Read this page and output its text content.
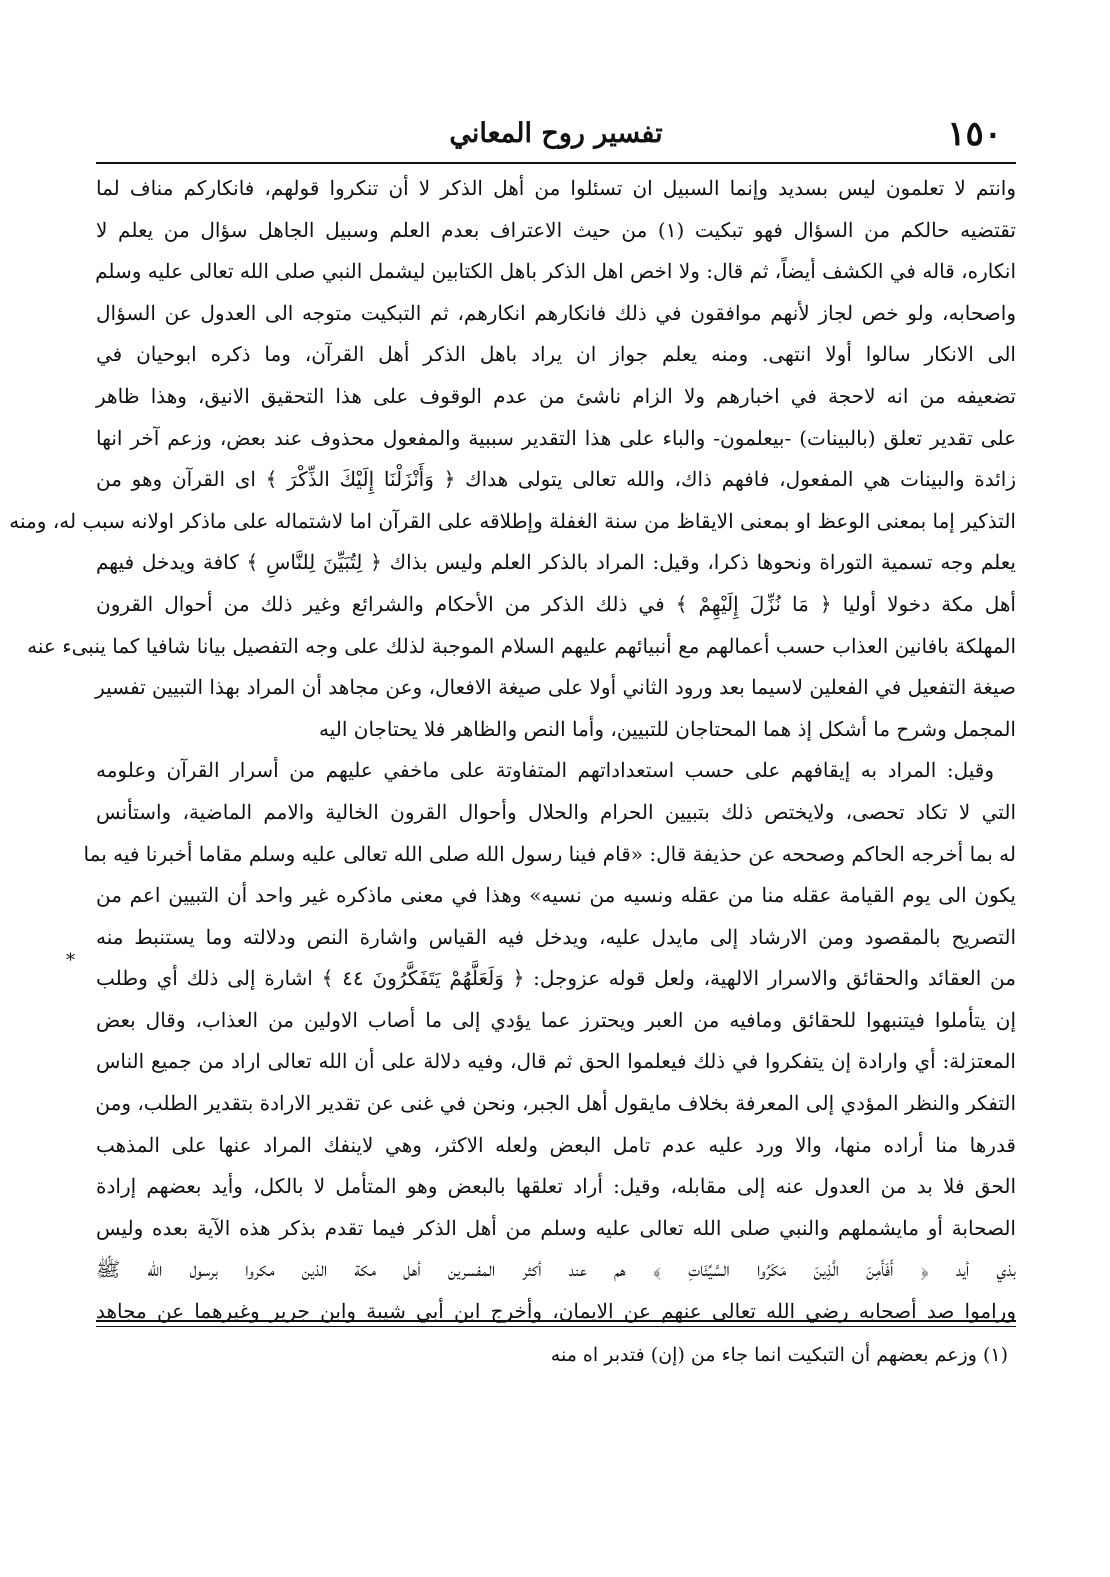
١٥٠
تفسير روح المعاني
وانتم لا تعلمون ليس بسديد وإنما السبيل ان تسئلوا من أهل الذكر لا أن تنكروا قولهم، فانكاركم مناف لما
تقتضيه حالكم من السؤال فهو تبكيت (١) من حيث الاعتراف بعدم العلم وسبيل الجاهل سؤال من يعلم لا
انكاره، قاله في الكشف أيضاً، ثم قال: ولا اخص اهل الذكر باهل الكتابين ليشمل النبي صلى الله تعالى عليه وسلم
واصحابه، ولو خص لجاز لأنهم موافقون في ذلك فانكارهم انكارهم، ثم التبكيت متوجه الى العدول عن السؤال
الى الانكار سالوا أولا انتهى. ومنه يعلم جواز ان يراد باهل الذكر أهل القرآن، وما ذكره ابوحيان في
تضعيفه من انه لاحجة في اخبارهم ولا الزام ناشئ من عدم الوقوف على هذا التحقيق الانيق، وهذا ظاهر
على تقدير تعلق (بالبينات) -بيعلمون- والباء على هذا التقدير سببية والمفعول محذوف عند بعض، وزعم آخر انها
زائدة والبينات هي المفعول، فافهم ذاك، والله تعالى يتولى هداك ﴿ وَأَنْزَلْنَا إِلَيْكَ الذِّكْرَ ﴾ اى القرآن وهو من
التذكير إما بمعنى الوعظ او بمعنى الايقاظ من سنة الغفلة وإطلاقه على القرآن اما لاشتماله على ماذكر اولانه سبب له، ومنه
يعلم وجه تسمية التوراة ونحوها ذكرا، وقيل: المراد بالذكر العلم وليس بذاك ﴿ لِتُبَيِّنَ لِلنَّاسِ ﴾ كافة ويدخل فيهم
أهل مكة دخولا أوليا ﴿ مَا نُزِّلَ إِلَيْهِمْ ﴾ في ذلك الذكر من الأحكام والشرائع وغير ذلك من أحوال القرون
المهلكة بافانين العذاب حسب أعمالهم مع أنبيائهم عليهم السلام الموجبة لذلك على وجه التفصيل بيانا شافيا كما ينبىء عنه
صيغة التفعيل في الفعلين لاسيما بعد ورود الثاني أولا على صيغة الافعال، وعن مجاهد أن المراد بهذا التبيين تفسير
المجمل وشرح ما أشكل إذ هما المحتاجان للتبيين، وأما النص والظاهر فلا يحتاجان اليه
وقيل: المراد به إيقافهم على حسب استعداداتهم المتفاوتة على ماخفي عليهم من أسرار القرآن وعلومه
التي لا تكاد تحصى، ولايختص ذلك بتبيين الحرام والحلال وأحوال القرون الخالية والامم الماضية، واستأنس
له بما أخرجه الحاكم وصححه عن حذيفة قال: «قام فينا رسول الله صلى الله تعالى عليه وسلم مقاما أخبرنا فيه بما
يكون الى يوم القيامة عقله منا من عقله ونسيه من نسيه» وهذا في معنى ماذكره غير واحد أن التبيين اعم من
التصريح بالمقصود ومن الارشاد إلى مايدل عليه، ويدخل فيه القياس واشارة النص ودلالته وما يستنبط منه
من العقائد والحقائق والاسرار الالهية، ولعل قوله عزوجل: ﴿ وَلَعَلَّهُمْ يَتَفَكَّرُونَ ٤٤ ﴾ اشارة إلى ذلك أي وطلب
إن يتأملوا فيتنبهوا للحقائق ومافيه من العبر ويحترز عما يؤدي إلى ما أصاب الاولين من العذاب، وقال بعض
المعتزلة: أي وارادة إن يتفكروا في ذلك فيعلموا الحق ثم قال، وفيه دلالة على أن الله تعالى اراد من جميع الناس
التفكر والنظر المؤدي إلى المعرفة بخلاف مايقول أهل الجبر، ونحن في غنى عن تقدير الارادة بتقدير الطلب، ومن
قدرها منا أراده منها، والا ورد عليه عدم تامل البعض ولعله الاكثر، وهي لاينفك المراد عنها على المذهب
الحق فلا بد من العدول عنه إلى مقابله، وقيل: أراد تعلقها بالبعض وهو المتأمل لا بالكل، وأيد بعضهم إرادة
الصحابة أو مايشملهم والنبي صلى الله تعالى عليه وسلم من أهل الذكر فيما تقدم بذكر هذه الآية بعده وليس
بذي أيد ﴿ أَفَأَمِنَ الَّذِينَ مَكَرُوا السَّيِّئَاتِ ﴾ هم عند أكثر المفسرين أهل مكة الذين مكروا برسول الله ﷺ
وراموا صد أصحابه رضي الله تعالى عنهم عن الايمان، وأخرج ابن أبي شيبة وابن جرير وغيرهما عن مجاهد
*
(١) وزعم بعضهم أن التبكيت انما جاء من (إن) فتدبر اه منه
